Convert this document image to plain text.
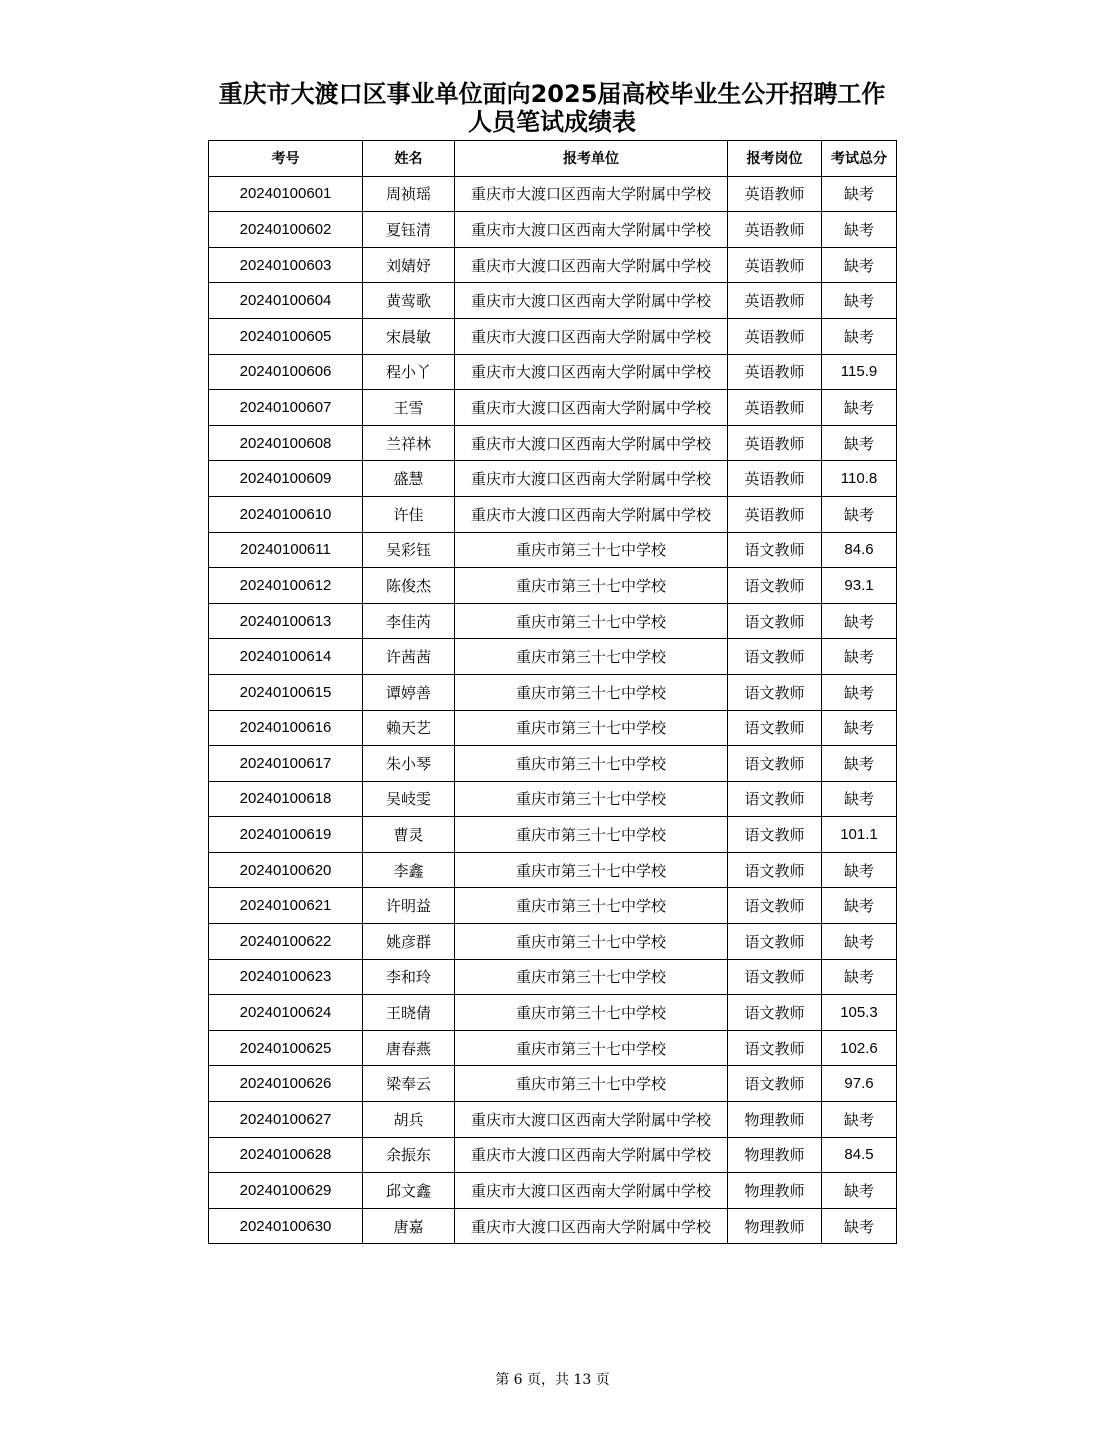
重庆市大渡口区事业单位面向2025届高校毕业生公开招聘工作
人员笔试成绩表
考号	姓名	报考单位	报考岗位	考试总分
20240100601	周祯瑶	重庆市大渡口区西南大学附属中学校	英语教师	缺考
20240100602	夏钰清	重庆市大渡口区西南大学附属中学校	英语教师	缺考
20240100603	刘婧妤	重庆市大渡口区西南大学附属中学校	英语教师	缺考
20240100604	黄莺歌	重庆市大渡口区西南大学附属中学校	英语教师	缺考
20240100605	宋晨敏	重庆市大渡口区西南大学附属中学校	英语教师	缺考
20240100606	程小丫	重庆市大渡口区西南大学附属中学校	英语教师	115.9
20240100607	王雪	重庆市大渡口区西南大学附属中学校	英语教师	缺考
20240100608	兰祥林	重庆市大渡口区西南大学附属中学校	英语教师	缺考
20240100609	盛慧	重庆市大渡口区西南大学附属中学校	英语教师	110.8
20240100610	许佳	重庆市大渡口区西南大学附属中学校	英语教师	缺考
20240100611	吴彩钰	重庆市第三十七中学校	语文教师	84.6
20240100612	陈俊杰	重庆市第三十七中学校	语文教师	93.1
20240100613	李佳芮	重庆市第三十七中学校	语文教师	缺考
20240100614	许茜茜	重庆市第三十七中学校	语文教师	缺考
20240100615	谭婷善	重庆市第三十七中学校	语文教师	缺考
20240100616	赖天艺	重庆市第三十七中学校	语文教师	缺考
20240100617	朱小琴	重庆市第三十七中学校	语文教师	缺考
20240100618	吴岐雯	重庆市第三十七中学校	语文教师	缺考
20240100619	曹灵	重庆市第三十七中学校	语文教师	101.1
20240100620	李鑫	重庆市第三十七中学校	语文教师	缺考
20240100621	许明益	重庆市第三十七中学校	语文教师	缺考
20240100622	姚彦群	重庆市第三十七中学校	语文教师	缺考
20240100623	李和玲	重庆市第三十七中学校	语文教师	缺考
20240100624	王晓倩	重庆市第三十七中学校	语文教师	105.3
20240100625	唐春燕	重庆市第三十七中学校	语文教师	102.6
20240100626	梁奉云	重庆市第三十七中学校	语文教师	97.6
20240100627	胡兵	重庆市大渡口区西南大学附属中学校	物理教师	缺考
20240100628	余振东	重庆市大渡口区西南大学附属中学校	物理教师	84.5
20240100629	邱文鑫	重庆市大渡口区西南大学附属中学校	物理教师	缺考
20240100630	唐嘉	重庆市大渡口区西南大学附属中学校	物理教师	缺考
第 6 页，共 13 页
